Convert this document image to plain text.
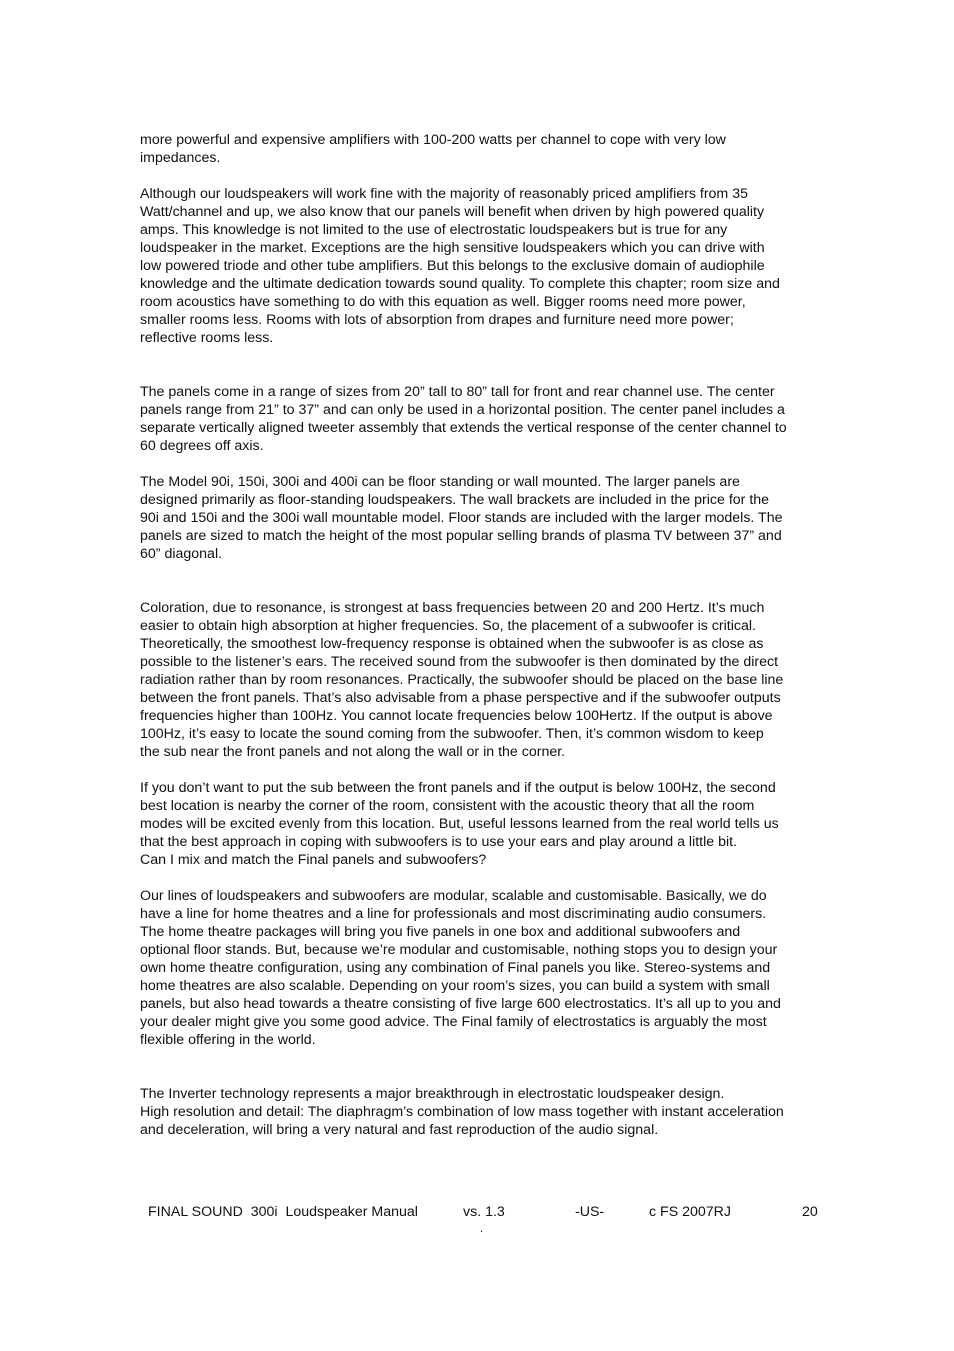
more powerful and expensive amplifiers with 100-200 watts per channel to cope with very low
impedances.

Although our loudspeakers will work fine with the majority of reasonably priced amplifiers from 35
Watt/channel and up, we also know that our panels will benefit when driven by high powered quality
amps. This knowledge is not limited to the use of electrostatic loudspeakers but is true for any
loudspeaker in the market. Exceptions are the high sensitive loudspeakers which you can drive with
low powered triode and other tube amplifiers. But this belongs to the exclusive domain of audiophile
knowledge and the ultimate dedication towards sound quality. To complete this chapter; room size and
room acoustics have something to do with this equation as well. Bigger rooms need more power,
smaller rooms less. Rooms with lots of absorption from drapes and furniture need more power;
reflective rooms less.

The panels come in a range of sizes from 20” tall to 80” tall for front and rear channel use. The center
panels range from 21” to 37” and can only be used in a horizontal position. The center panel includes a
separate vertically aligned tweeter assembly that extends the vertical response of the center channel to
60 degrees off axis.

The Model 90i, 150i, 300i and 400i can be floor standing or wall mounted. The larger panels are
designed primarily as floor-standing loudspeakers. The wall brackets are included in the price for the
90i and 150i and the 300i wall mountable model. Floor stands are included with the larger models. The
panels are sized to match the height of the most popular selling brands of plasma TV between 37” and
60” diagonal.

Coloration, due to resonance, is strongest at bass frequencies between 20 and 200 Hertz. It’s much
easier to obtain high absorption at higher frequencies. So, the placement of a subwoofer is critical.
Theoretically, the smoothest low-frequency response is obtained when the subwoofer is as close as
possible to the listener’s ears. The received sound from the subwoofer is then dominated by the direct
radiation rather than by room resonances. Practically, the subwoofer should be placed on the base line
between the front panels. That’s also advisable from a phase perspective and if the subwoofer outputs
frequencies higher than 100Hz. You cannot locate frequencies below 100Hertz. If the output is above
100Hz, it’s easy to locate the sound coming from the subwoofer. Then, it’s common wisdom to keep
the sub near the front panels and not along the wall or in the corner.

If you don’t want to put the sub between the front panels and if the output is below 100Hz, the second
best location is nearby the corner of the room, consistent with the acoustic theory that all the room
modes will be excited evenly from this location. But, useful lessons learned from the real world tells us
that the best approach in coping with subwoofers is to use your ears and play around a little bit.
Can I mix and match the Final panels and subwoofers?

Our lines of loudspeakers and subwoofers are modular, scalable and customisable. Basically, we do
have a line for home theatres and a line for professionals and most discriminating audio consumers.
The home theatre packages will bring you five panels in one box and additional subwoofers and
optional floor stands. But, because we’re modular and customisable, nothing stops you to design your
own home theatre configuration, using any combination of Final panels you like. Stereo-systems and
home theatres are also scalable. Depending on your room’s sizes, you can build a system with small
panels, but also head towards a theatre consisting of five large 600 electrostatics. It’s all up to you and
your dealer might give you some good advice. The Final family of electrostatics is arguably the most
flexible offering in the world.

The Inverter technology represents a major breakthrough in electrostatic loudspeaker design.
High resolution and detail: The diaphragm’s combination of low mass together with instant acceleration
and deceleration, will bring a very natural and fast reproduction of the audio signal.

FINAL SOUND  300i  Loudspeaker Manual	vs. 1.3	-US-	c FS 2007RJ	20
.
